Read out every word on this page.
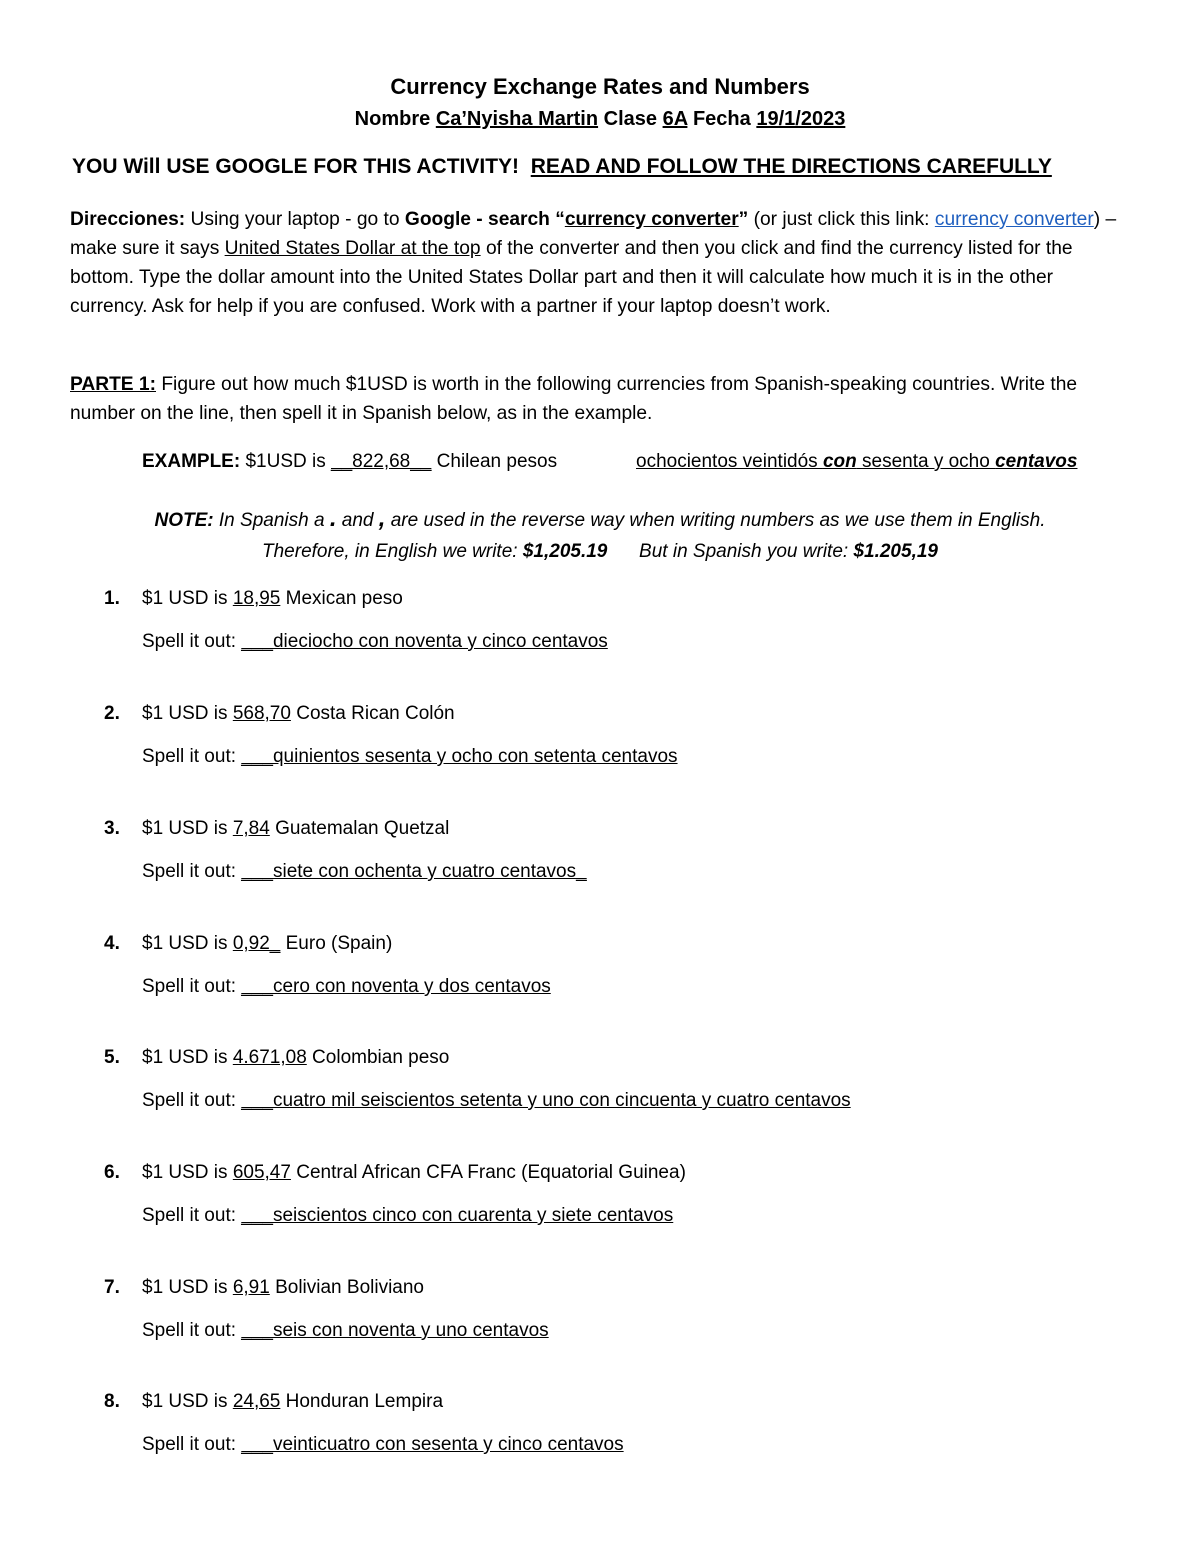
Currency Exchange Rates and Numbers
Nombre Ca’Nyisha Martin Clase 6A Fecha 19/1/2023
YOU Will USE GOOGLE FOR THIS ACTIVITY! READ AND FOLLOW THE DIRECTIONS CAREFULLY
Direcciones: Using your laptop - go to Google - search “currency converter” (or just click this link: currency converter) – make sure it says United States Dollar at the top of the converter and then you click and find the currency listed for the bottom. Type the dollar amount into the United States Dollar part and then it will calculate how much it is in the other currency. Ask for help if you are confused. Work with a partner if your laptop doesn’t work.
PARTE 1: Figure out how much $1USD is worth in the following currencies from Spanish-speaking countries. Write the number on the line, then spell it in Spanish below, as in the example.
EXAMPLE: $1USD is __822,68__ Chilean pesos	ochocientos veintidós con sesenta y ocho centavos
NOTE: In Spanish a . and , are used in the reverse way when writing numbers as we use them in English.
Therefore, in English we write: $1,205.19      But in Spanish you write: $1.205,19
1. $1 USD is 18,95 Mexican peso
Spell it out: ___dieciocho con noventa y cinco centavos
2. $1 USD is 568,70 Costa Rican Colón
Spell it out: ___quinientos sesenta y ocho con setenta centavos
3. $1 USD is 7,84 Guatemalan Quetzal
Spell it out: ___siete con ochenta y cuatro centavos_
4. $1 USD is 0,92_ Euro (Spain)
Spell it out: ___cero con noventa y dos centavos
5. $1 USD is 4.671,08 Colombian peso
Spell it out: ___cuatro mil seiscientos setenta y uno con cincuenta y cuatro centavos
6. $1 USD is 605,47 Central African CFA Franc (Equatorial Guinea)
Spell it out: ___seiscientos cinco con cuarenta y siete centavos
7. $1 USD is 6,91 Bolivian Boliviano
Spell it out: ___seis con noventa y uno centavos
8. $1 USD is 24,65 Honduran Lempira
Spell it out: ___veinticuatro con sesenta y cinco centavos
